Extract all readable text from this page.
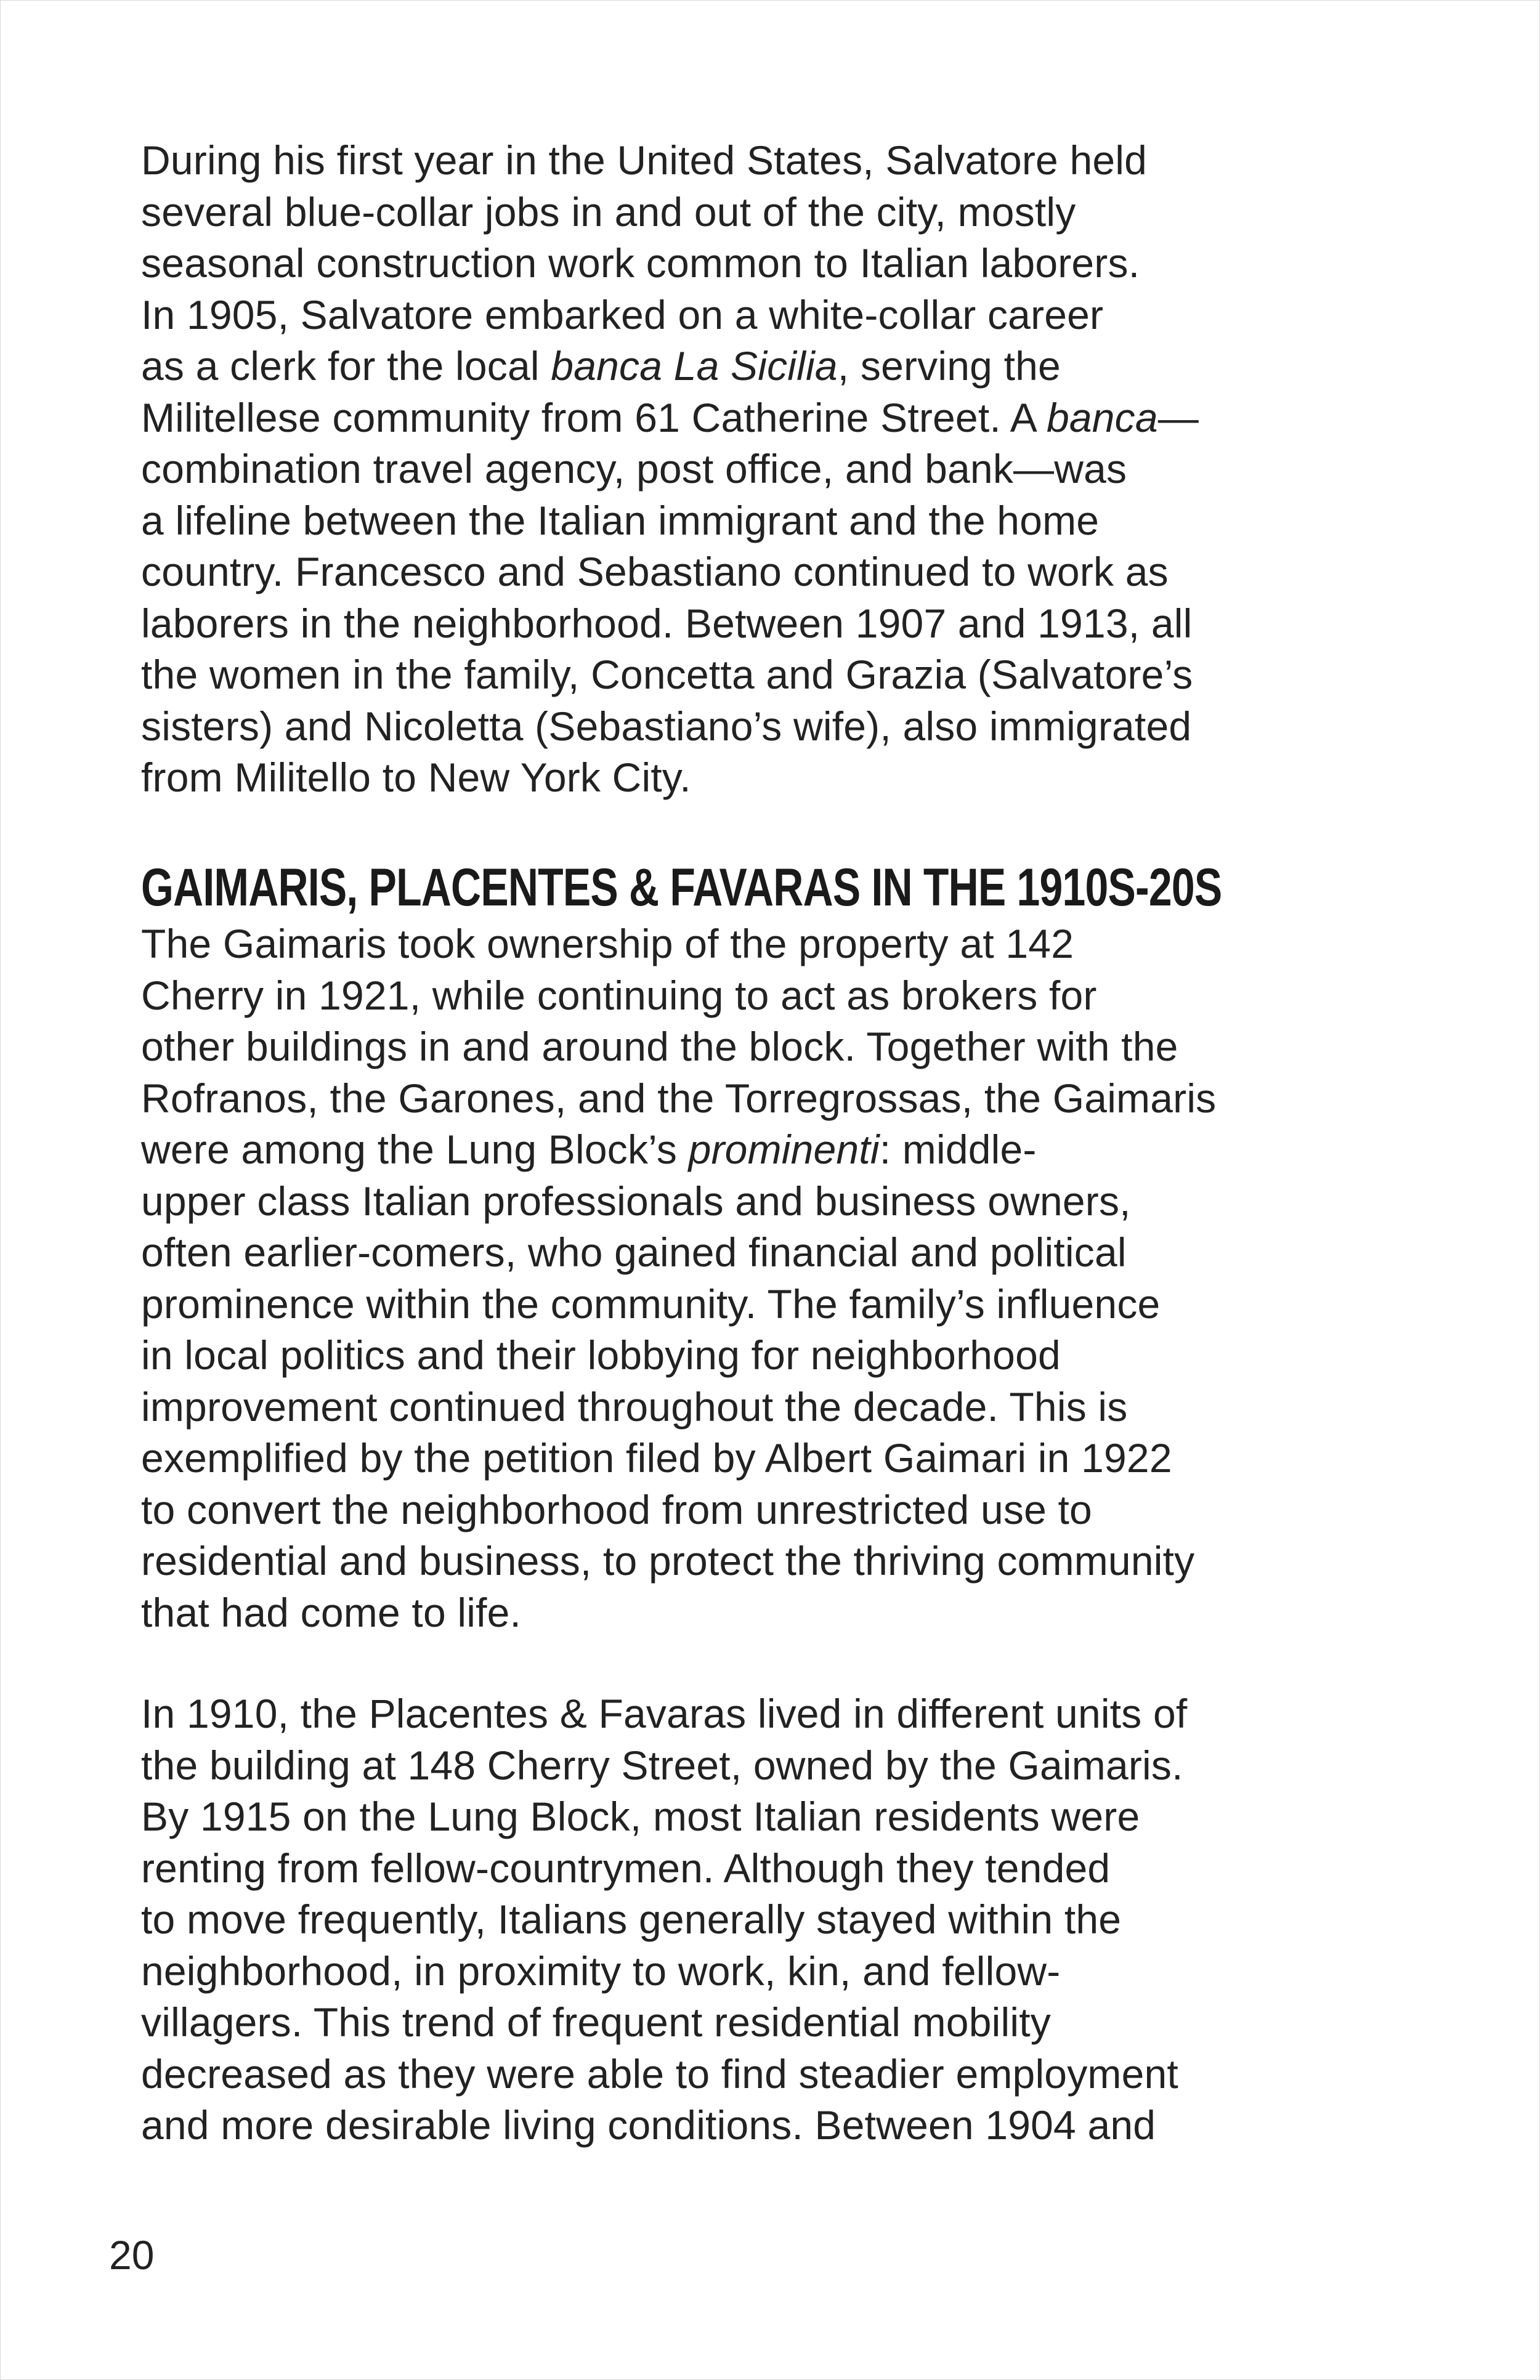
During his first year in the United States, Salvatore held
several blue-collar jobs in and out of the city, mostly
seasonal construction work common to Italian laborers.
In 1905, Salvatore embarked on a white-collar career
as a clerk for the local banca La Sicilia, serving the
Militellese community from 61 Catherine Street. A banca—
combination travel agency, post office, and bank—was
a lifeline between the Italian immigrant and the home
country. Francesco and Sebastiano continued to work as
laborers in the neighborhood. Between 1907 and 1913, all
the women in the family, Concetta and Grazia (Salvatore’s
sisters) and Nicoletta (Sebastiano’s wife), also immigrated
from Militello to New York City.
GAIMARIS, PLACENTES & FAVARAS IN THE 1910S-20S
The Gaimaris took ownership of the property at 142
Cherry in 1921, while continuing to act as brokers for
other buildings in and around the block. Together with the
Rofranos, the Garones, and the Torregrossas, the Gaimaris
were among the Lung Block’s prominenti: middle-
upper class Italian professionals and business owners,
often earlier-comers, who gained financial and political
prominence within the community. The family’s influence
in local politics and their lobbying for neighborhood
improvement continued throughout the decade. This is
exemplified by the petition filed by Albert Gaimari in 1922
to convert the neighborhood from unrestricted use to
residential and business, to protect the thriving community
that had come to life.
In 1910, the Placentes & Favaras lived in different units of
the building at 148 Cherry Street, owned by the Gaimaris.
By 1915 on the Lung Block, most Italian residents were
renting from fellow-countrymen. Although they tended
to move frequently, Italians generally stayed within the
neighborhood, in proximity to work, kin, and fellow-
villagers. This trend of frequent residential mobility
decreased as they were able to find steadier employment
and more desirable living conditions. Between 1904 and
20
